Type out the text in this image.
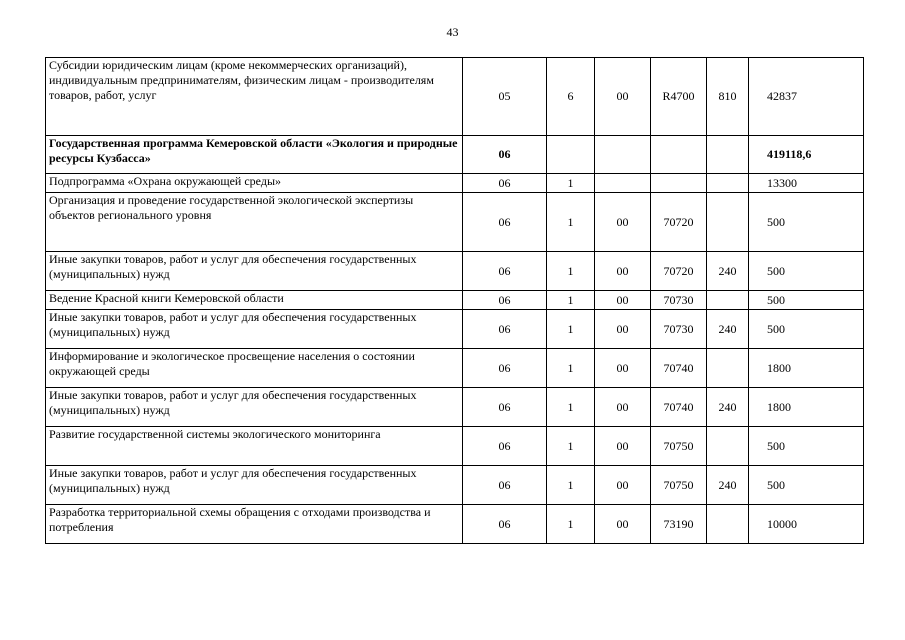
43
Субсидии юридическим лицам (кроме некоммерческих организаций), индивидуальным предпринимателям, физическим лицам - производителям товаров, работ, услуг	05	6	00	R4700	810	42837
Государственная программа Кемеровской области «Экология и природные ресурсы Кузбасса»	06					419118,6
Подпрограмма «Охрана окружающей среды»	06	1				13300
Организация и проведение государственной экологической экспертизы объектов регионального уровня	06	1	00	70720		500
Иные закупки товаров, работ и услуг для обеспечения государственных (муниципальных) нужд	06	1	00	70720	240	500
Ведение Красной книги Кемеровской области	06	1	00	70730		500
Иные закупки товаров, работ и услуг для обеспечения государственных (муниципальных) нужд	06	1	00	70730	240	500
Информирование и экологическое просвещение населения о состоянии окружающей среды	06	1	00	70740		1800
Иные закупки товаров, работ и услуг для обеспечения государственных (муниципальных) нужд	06	1	00	70740	240	1800
Развитие государственной системы экологического мониторинга	06	1	00	70750		500
Иные закупки товаров, работ и услуг для обеспечения государственных (муниципальных) нужд	06	1	00	70750	240	500
Разработка территориальной схемы обращения с отходами производства и потребления	06	1	00	73190		10000
